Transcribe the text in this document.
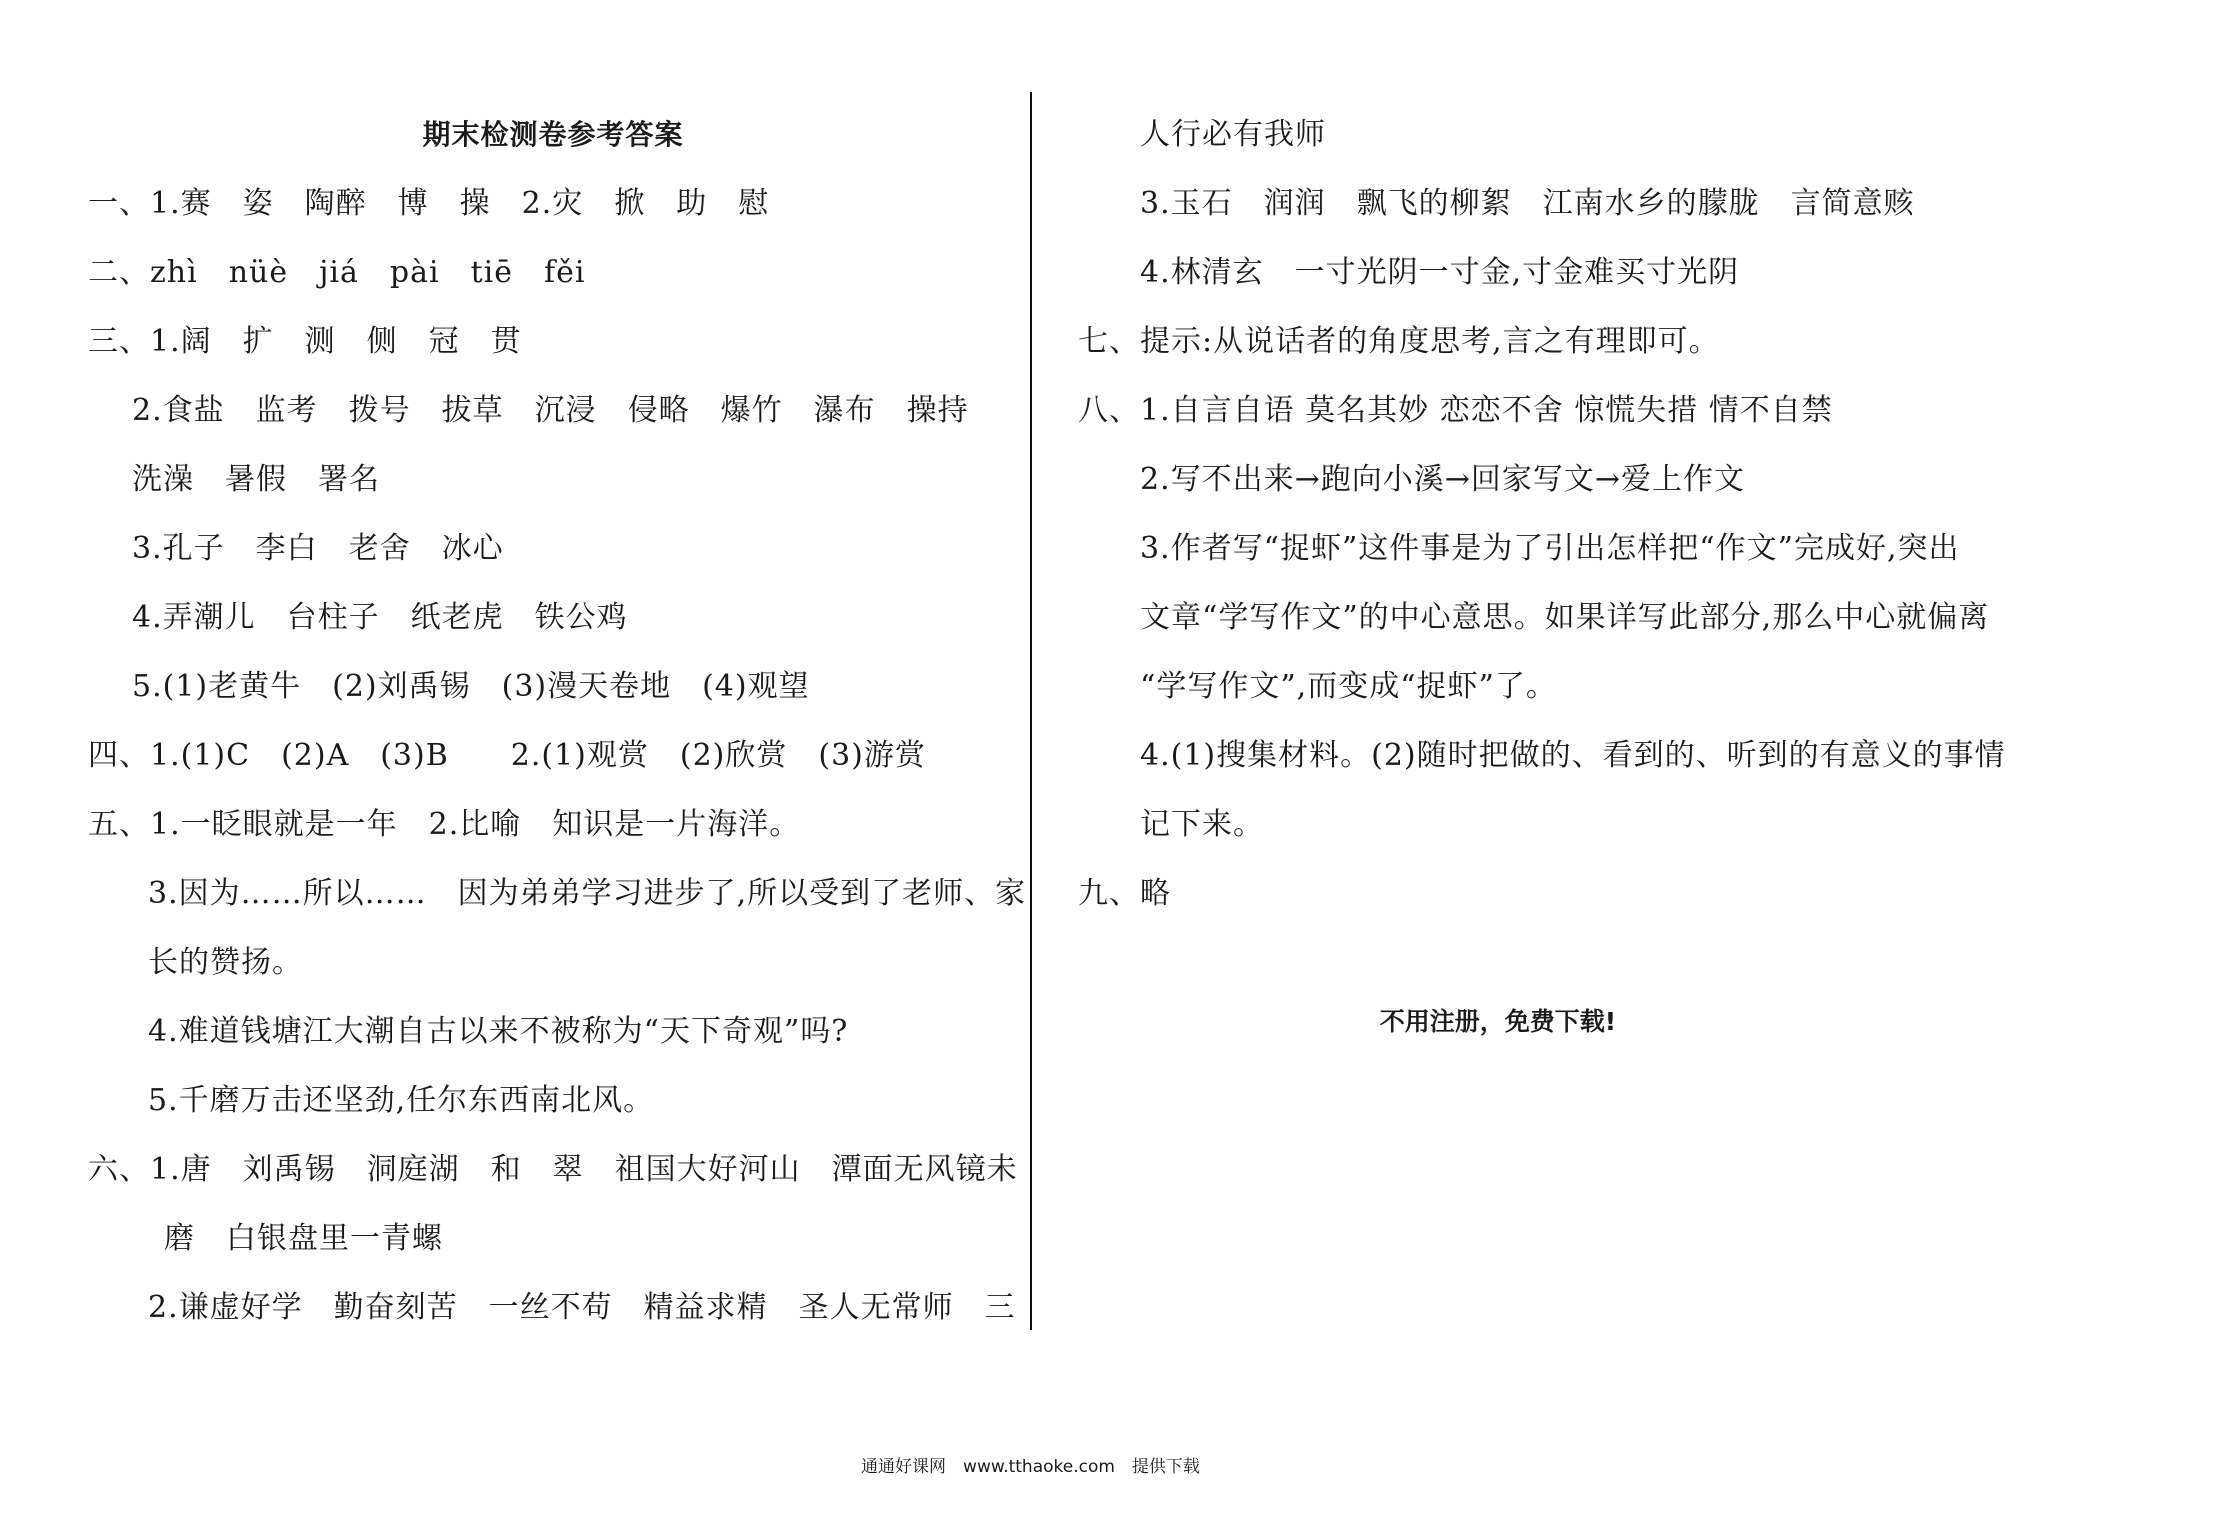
期末检测卷参考答案
一、1.赛　姿　陶醉　博　操　2.灾　掀　助　慰
二、zhì　nüè　jiá　pài　tiē　fěi
三、1.阔　扩　测　侧　冠　贯
2.食盐　监考　拨号　拔草　沉浸　侵略　爆竹　瀑布　操持
洗澡　暑假　署名
3.孔子　李白　老舍　冰心
4.弄潮儿　台柱子　纸老虎　铁公鸡
5.(1)老黄牛　(2)刘禹锡　(3)漫天卷地　(4)观望
四、1.(1)C　(2)A　(3)B　　2.(1)观赏　(2)欣赏　(3)游赏
五、1.一眨眼就是一年　2.比喻　知识是一片海洋。
3.因为……所以……　因为弟弟学习进步了,所以受到了老师、家
长的赞扬。
4.难道钱塘江大潮自古以来不被称为“天下奇观”吗?
5.千磨万击还坚劲,任尔东西南北风。
六、1.唐　刘禹锡　洞庭湖　和　翠　祖国大好河山　潭面无风镜未
磨　白银盘里一青螺
2.谦虚好学　勤奋刻苦　一丝不苟　精益求精　圣人无常师　三
人行必有我师
3.玉石　润润　飘飞的柳絮　江南水乡的朦胧　言简意赅
4.林清玄　一寸光阴一寸金,寸金难买寸光阴
七、提示:从说话者的角度思考,言之有理即可。
八、1.自言自语 莫名其妙 恋恋不舍 惊慌失措 情不自禁
2.写不出来→跑向小溪→回家写文→爱上作文
3.作者写“捉虾”这件事是为了引出怎样把“作文”完成好,突出
文章“学写作文”的中心意思。如果详写此部分,那么中心就偏离
“学写作文”,而变成“捉虾”了。
4.(1)搜集材料。(2)随时把做的、看到的、听到的有意义的事情
记下来。
九、略
不用注册，免费下载!
通通好课网　www.tthaoke.com　提供下载
